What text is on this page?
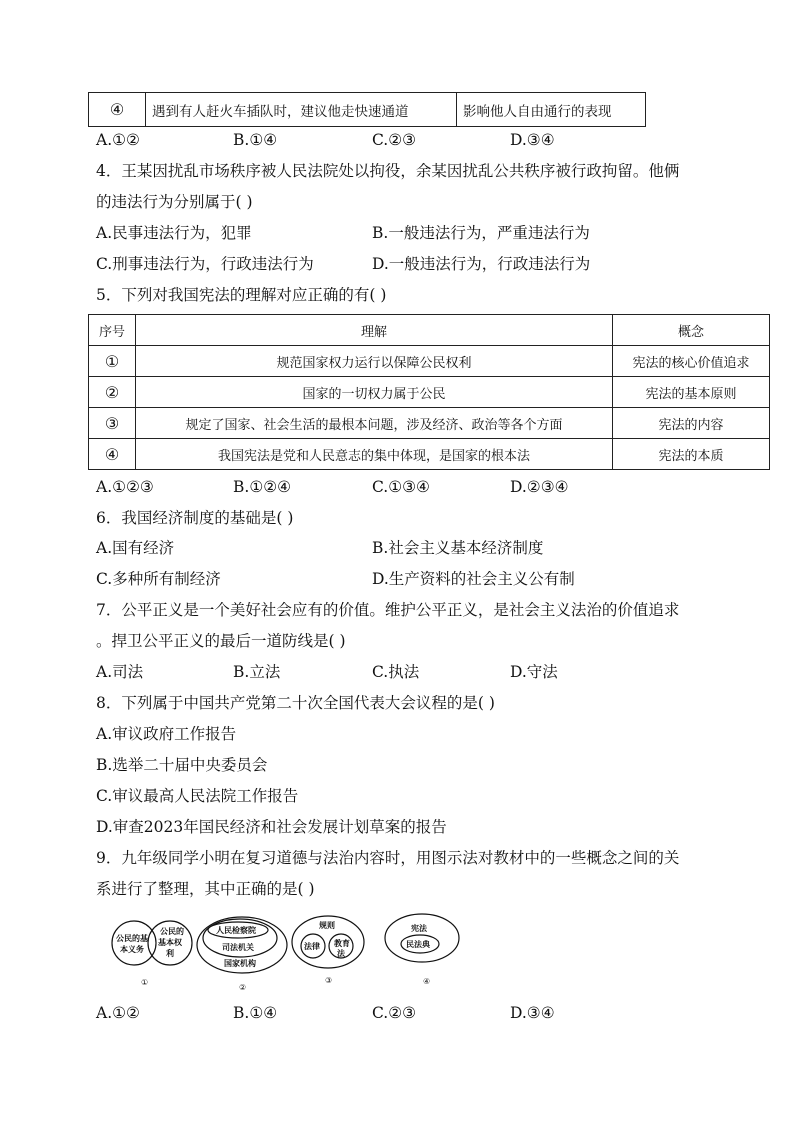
④	遇到有人赶火车插队时，建议他走快速通道	影响他人自由通行的表现
A.①②	B.①④	C.②③	D.③④
4．王某因扰乱市场秩序被人民法院处以拘役，余某因扰乱公共秩序被行政拘留。他俩
的违法行为分别属于( )
A.民事违法行为，犯罪	B.一般违法行为，严重违法行为
C.刑事违法行为，行政违法行为	D.一般违法行为，行政违法行为
5．下列对我国宪法的理解对应正确的有( )
序号	理解	概念
①	规范国家权力运行以保障公民权利	宪法的核心价值追求
②	国家的一切权力属于公民	宪法的基本原则
③	规定了国家、社会生活的最根本问题，涉及经济、政治等各个方面	宪法的内容
④	我国宪法是党和人民意志的集中体现，是国家的根本法	宪法的本质
A.①②③	B.①②④	C.①③④	D.②③④
6．我国经济制度的基础是( )
A.国有经济	B.社会主义基本经济制度
C.多种所有制经济	D.生产资料的社会主义公有制
7．公平正义是一个美好社会应有的价值。维护公平正义，是社会主义法治的价值追求
。捍卫公平正义的最后一道防线是( )
A.司法	B.立法	C.执法	D.守法
8．下列属于中国共产党第二十次全国代表大会议程的是( )
A.审议政府工作报告
B.选举二十届中央委员会
C.审议最高人民法院工作报告
D.审查2023年国民经济和社会发展计划草案的报告
9．九年级同学小明在复习道德与法治内容时，用图示法对教材中的一些概念之间的关
系进行了整理，其中正确的是( )
公民的基
本义务
公民的
基本权
利
①
人民检察院
司法机关
国家机构
②
规则
法律 教育
法
③
宪法
民法典
④
A.①②	B.①④	C.②③	D.③④
